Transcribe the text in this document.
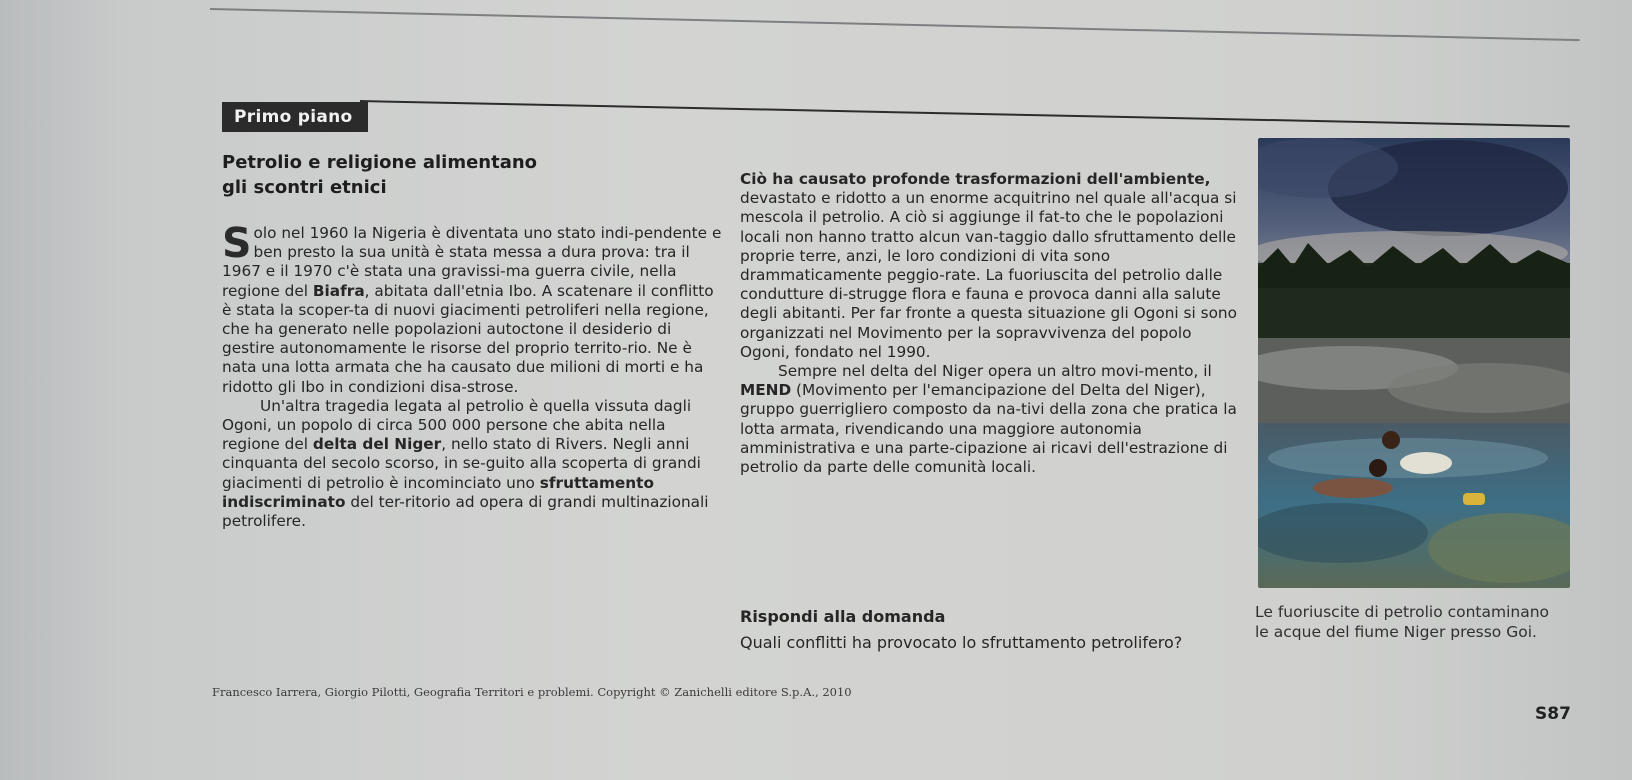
Primo piano
Petrolio e religione alimentano
gli scontri etnici

Solo nel 1960 la Nigeria è diventata uno stato indi-pendente e ben presto la sua unità è stata messa a dura prova: tra il 1967 e il 1970 c'è stata una gravissi-ma guerra civile, nella regione del Biafra, abitata dall'etnia Ibo. A scatenare il conflitto è stata la scoper-ta di nuovi giacimenti petroliferi nella regione, che ha generato nelle popolazioni autoctone il desiderio di gestire autonomamente le risorse del proprio territo-rio. Ne è nata una lotta armata che ha causato due milioni di morti e ha ridotto gli Ibo in condizioni disa-strose.

Un'altra tragedia legata al petrolio è quella vissuta dagli Ogoni, un popolo di circa 500 000 persone che abita nella regione del delta del Niger, nello stato di Rivers. Negli anni cinquanta del secolo scorso, in se-guito alla scoperta di grandi giacimenti di petrolio è incominciato uno sfruttamento indiscriminato del ter-ritorio ad opera di grandi multinazionali petrolifere.

Ciò ha causato profonde trasformazioni dell'ambiente, devastato e ridotto a un enorme acquitrino nel quale all'acqua si mescola il petrolio. A ciò si aggiunge il fat-to che le popolazioni locali non hanno tratto alcun van-taggio dallo sfruttamento delle proprie terre, anzi, le loro condizioni di vita sono drammaticamente peggio-rate. La fuoriuscita del petrolio dalle condutture di-strugge flora e fauna e provoca danni alla salute degli abitanti. Per far fronte a questa situazione gli Ogoni si sono organizzati nel Movimento per la sopravvivenza del popolo Ogoni, fondato nel 1990.

Sempre nel delta del Niger opera un altro movi-mento, il MEND (Movimento per l'emancipazione del Delta del Niger), gruppo guerrigliero composto da na-tivi della zona che pratica la lotta armata, rivendicando una maggiore autonomia amministrativa e una parte-cipazione ai ricavi dell'estrazione di petrolio da parte delle comunità locali.

Rispondi alla domanda
Quali conflitti ha provocato lo sfruttamento petrolifero?
Le fuoriuscite di petrolio contaminano le acque del fiume Niger presso Goi.
Francesco Iarrera, Giorgio Pilotti, Geografia Territori e problemi. Copyright © Zanichelli editore S.p.A., 2010
S87
